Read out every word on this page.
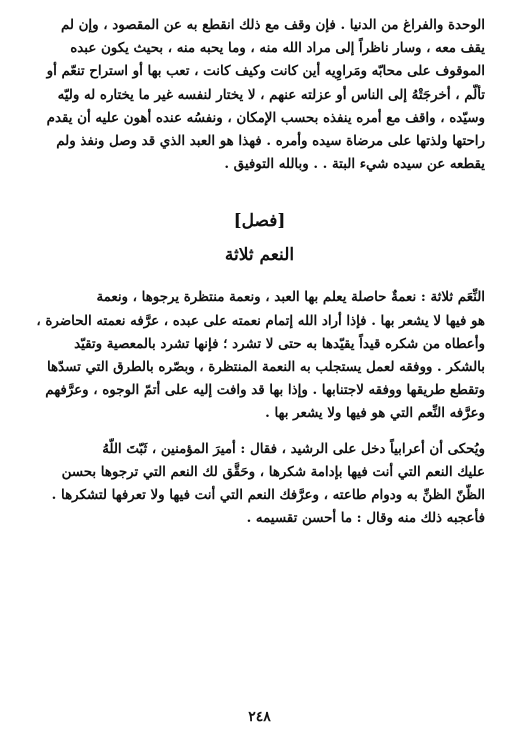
الوحدة والفراغ من الدنيا . فإن وقف مع ذلك انقطع به عن المقصود ، وإن لم
يقف معه ، وسار ناظراً إلى مراد الله منه ، وما يحبه منه ، بحيث يكون عبده
الموقوف على محابّه ومَراوِيه أين كانت وكيف كانت ، تعب بها أو استراح تنعّم أو
تألّم ، أخرجَتْهُ إلى الناس أو عزلته عنهم ، لا يختار لنفسه غير ما يختاره له وليّه
وسيّده ، واقف مع أمره ينفذه بحسب الإمكان ، ونفسُه عنده أهون عليه أن يقدم
راحتها ولذتها على مرضاة سيده وأمره . فهذا هو العبد الذي قد وصل ونفذ ولم
يقطعه عن سيده شيء البتة . . وبالله التوفيق .

[فصل]
النعم ثلاثة

النِّعَم ثلاثة : نعمةٌ حاصلة يعلم بها العبد ، ونعمة منتظرة يرجوها ، ونعمة
هو فيها لا يشعر بها . فإذا أراد الله إتمام نعمته على عبده ، عرَّفه نعمته الحاضرة ،
وأعطاه من شكره قيداً يقيّدها به حتى لا تشرد ؛ فإنها تشرد بالمعصية وتقيّد
بالشكر . ووفقه لعمل يستجلب به النعمة المنتظرة ، وبصّره بالطرق التي تسدّها
وتقطع طريقها ووفقه لاجتنابها . وإذا بها قد وافت إليه على أتمّ الوجوه ، وعرَّفهم
وعرَّفه النِّعم التي هو فيها ولا يشعر بها .

ويُحكى أن أعرابياً دخل على الرشيد ، فقال : أميرَ المؤمنين ، ثَبّتَ اللّهُ
عليك النعم التي أنت فيها بإدامة شكرها ، وحَقَّق لك النعم التي ترجوها بحسن
الظّنّ الظنِّ به ودوام طاعته ، وعرَّفك النعم التي أنت فيها ولا تعرفها لتشكرها .
فأعجبه ذلك منه وقال : ما أحسن تقسيمه .

٢٤٨
